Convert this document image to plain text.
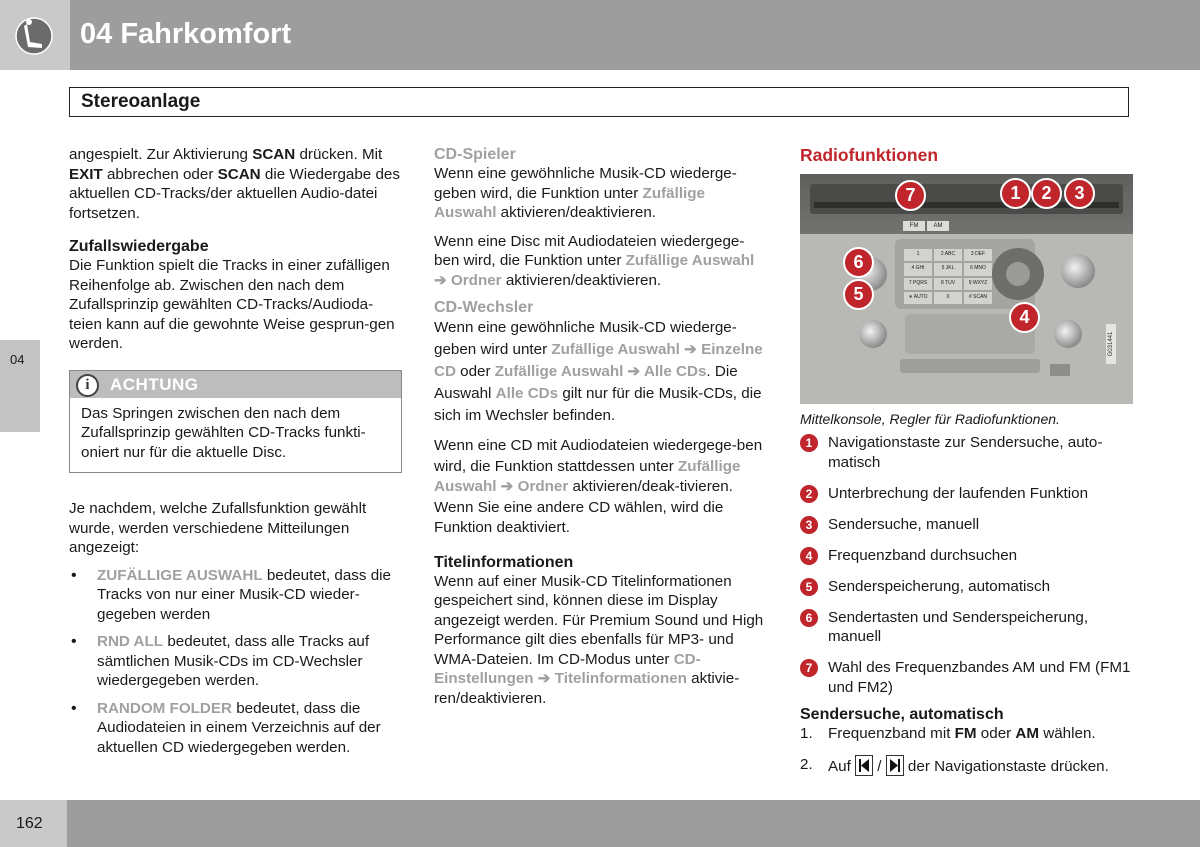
04 Fahrkomfort
Stereoanlage
04

angespielt. Zur Aktivierung SCAN drücken. Mit EXIT abbrechen oder SCAN die Wiedergabe des aktuellen CD-Tracks/der aktuellen Audio-datei fortsetzen.

Zufallswiedergabe

Die Funktion spielt die Tracks in einer zufälligen Reihenfolge ab. Zwischen den nach dem Zufallsprinzip gewählten CD-Tracks/Audioda-teien kann auf die gewohnte Weise gesprun-gen werden.

i	ACHTUNG

Das Springen zwischen den nach dem Zufallsprinzip gewählten CD-Tracks funkti-oniert nur für die aktuelle Disc.

Je nachdem, welche Zufallsfunktion gewählt wurde, werden verschiedene Mitteilungen angezeigt:

• ZUFÄLLIGE AUSWAHL bedeutet, dass die Tracks von nur einer Musik-CD wieder-gegeben werden
• RND ALL bedeutet, dass alle Tracks auf sämtlichen Musik-CDs im CD-Wechsler wiedergegeben werden.
• RANDOM FOLDER bedeutet, dass die Audiodateien in einem Verzeichnis auf der aktuellen CD wiedergegeben werden.

CD-Spieler

Wenn eine gewöhnliche Musik-CD wiederge-geben wird, die Funktion unter Zufällige Auswahl aktivieren/deaktivieren.

Wenn eine Disc mit Audiodateien wiedergege-ben wird, die Funktion unter Zufällige Auswahl ➔ Ordner aktivieren/deaktivieren.

CD-Wechsler

Wenn eine gewöhnliche Musik-CD wiederge-geben wird unter Zufällige Auswahl ➔ Einzelne CD oder Zufällige Auswahl ➔ Alle CDs. Die Auswahl Alle CDs gilt nur für die Musik-CDs, die sich im Wechsler befinden.

Wenn eine CD mit Audiodateien wiedergege-ben wird, die Funktion stattdessen unter Zufällige Auswahl ➔ Ordner aktivieren/deak-tivieren. Wenn Sie eine andere CD wählen, wird die Funktion deaktiviert.

Titelinformationen

Wenn auf einer Musik-CD Titelinformationen gespeichert sind, können diese im Display angezeigt werden. Für Premium Sound und High Performance gilt dies ebenfalls für MP3- und WMA-Dateien. Im CD-Modus unter CD-Einstellungen ➔ Titelinformationen aktivie-ren/deaktivieren.

Radiofunktionen

FM	AM
1	2 ABC	3 DEF
4 GHI	5 JKL	6 MNO
7 PQRS	8 TUV	9 WXYZ
∗ AUTO	0	# SCAN
7	1	2	3
6
5
4
G031441

Mittelkonsole, Regler für Radiofunktionen.

1	Navigationstaste zur Sendersuche, auto-matisch
2	Unterbrechung der laufenden Funktion
3	Sendersuche, manuell
4	Frequenzband durchsuchen
5	Senderspeicherung, automatisch
6	Sendertasten und Senderspeicherung, manuell
7	Wahl des Frequenzbandes AM und FM (FM1 und FM2)

Sendersuche, automatisch

1. Frequenzband mit FM oder AM wählen.
2. Auf  /  der Navigationstaste drücken.
162
